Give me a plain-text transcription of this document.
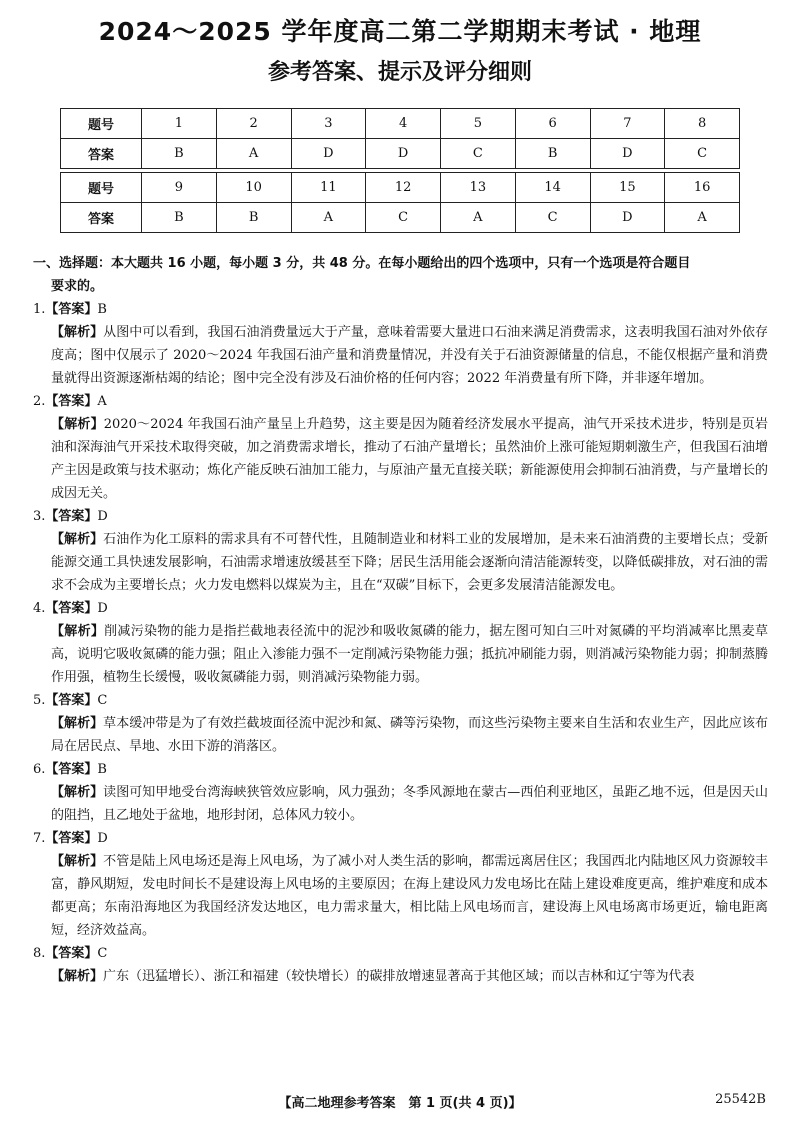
2024～2025 学年度高二第二学期期末考试 · 地理
参考答案、提示及评分细则
题号	1	2	3	4	5	6	7	8
答案	B	A	D	D	C	B	D	C
题号	9	10	11	12	13	14	15	16
答案	B	B	A	C	A	C	D	A
一、选择题：本大题共 16 小题，每小题 3 分，共 48 分。在每小题给出的四个选项中，只有一个选项是符合题目
要求的。
1.【答案】B
【解析】从图中可以看到，我国石油消费量远大于产量，意味着需要大量进口石油来满足消费需求，这表明我国石油对外依存度高；图中仅展示了 2020～2024 年我国石油产量和消费量情况，并没有关于石油资源储量的信息，不能仅根据产量和消费量就得出资源逐渐枯竭的结论；图中完全没有涉及石油价格的任何内容；2022 年消费量有所下降，并非逐年增加。
2.【答案】A
【解析】2020～2024 年我国石油产量呈上升趋势，这主要是因为随着经济发展水平提高，油气开采技术进步，特别是页岩油和深海油气开采技术取得突破，加之消费需求增长，推动了石油产量增长；虽然油价上涨可能短期刺激生产，但我国石油增产主因是政策与技术驱动；炼化产能反映石油加工能力，与原油产量无直接关联；新能源使用会抑制石油消费，与产量增长的成因无关。
3.【答案】D
【解析】石油作为化工原料的需求具有不可替代性，且随制造业和材料工业的发展增加，是未来石油消费的主要增长点；受新能源交通工具快速发展影响，石油需求增速放缓甚至下降；居民生活用能会逐渐向清洁能源转变，以降低碳排放，对石油的需求不会成为主要增长点；火力发电燃料以煤炭为主，且在“双碳”目标下，会更多发展清洁能源发电。
4.【答案】D
【解析】削减污染物的能力是指拦截地表径流中的泥沙和吸收氮磷的能力，据左图可知白三叶对氮磷的平均消减率比黑麦草高，说明它吸收氮磷的能力强；阻止入渗能力强不一定削减污染物能力强；抵抗冲刷能力弱，则消减污染物能力弱；抑制蒸腾作用强，植物生长缓慢，吸收氮磷能力弱，则消减污染物能力弱。
5.【答案】C
【解析】草本缓冲带是为了有效拦截坡面径流中泥沙和氮、磷等污染物，而这些污染物主要来自生活和农业生产，因此应该布局在居民点、旱地、水田下游的消落区。
6.【答案】B
【解析】读图可知甲地受台湾海峡狭管效应影响，风力强劲；冬季风源地在蒙古—西伯利亚地区，虽距乙地不远，但是因天山的阻挡，且乙地处于盆地，地形封闭，总体风力较小。
7.【答案】D
【解析】不管是陆上风电场还是海上风电场，为了减小对人类生活的影响，都需远离居住区；我国西北内陆地区风力资源较丰富，静风期短，发电时间长不是建设海上风电场的主要原因；在海上建设风力发电场比在陆上建设难度更高，维护难度和成本都更高；东南沿海地区为我国经济发达地区，电力需求量大，相比陆上风电场而言，建设海上风电场离市场更近，输电距离短，经济效益高。
8.【答案】C
【解析】广东（迅猛增长）、浙江和福建（较快增长）的碳排放增速显著高于其他区域；而以吉林和辽宁等为代表
【高二地理参考答案　第 1 页(共 4 页)】	25542B
